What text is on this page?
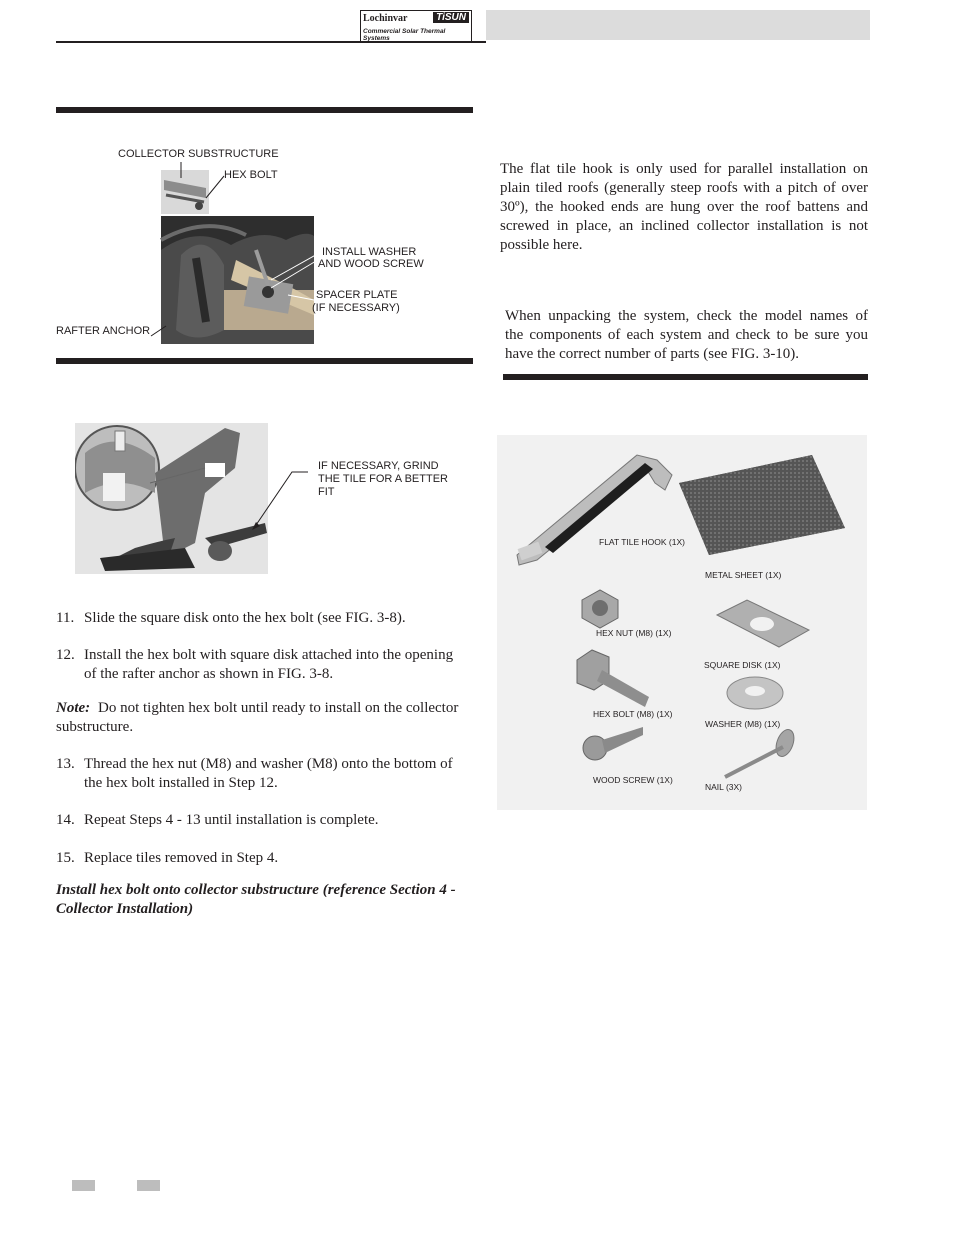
Lochinvar	TiSUN
Commercial Solar Thermal Systems
COLLECTOR SUBSTRUCTURE
HEX BOLT
INSTALL WASHER
AND WOOD SCREW
SPACER PLATE
(IF NECESSARY)
RAFTER ANCHOR
IF NECESSARY, GRIND
THE TILE FOR A BETTER
FIT
11. Slide the square disk onto the hex bolt (see FIG. 3-8).
12. Install the hex bolt with square disk attached into the opening
of the rafter anchor as shown in FIG. 3-8.
Note: Do not tighten hex bolt until ready to install on the collector
substructure.
13. Thread the hex nut (M8) and washer (M8) onto the bottom of
the hex bolt installed in Step 12.
14. Repeat Steps 4 - 13 until installation is complete.
15. Replace tiles removed in Step 4.
Install hex bolt onto collector substructure (reference Section 4 -
Collector Installation)
The flat tile hook is only used for parallel installation on
plain tiled roofs (generally steep roofs with a pitch of over
30º), the hooked ends are hung over the roof battens and
screwed in place, an inclined collector installation is not
possible here.
When unpacking the system, check the model names of
the components of each system and check to be sure you
have the correct number of parts (see FIG. 3-10).
FLAT TILE HOOK (1X)
METAL SHEET (1X)
HEX NUT (M8) (1X)
SQUARE DISK (1X)
HEX BOLT (M8) (1X)
WASHER (M8) (1X)
WOOD SCREW (1X)
NAIL (3X)
